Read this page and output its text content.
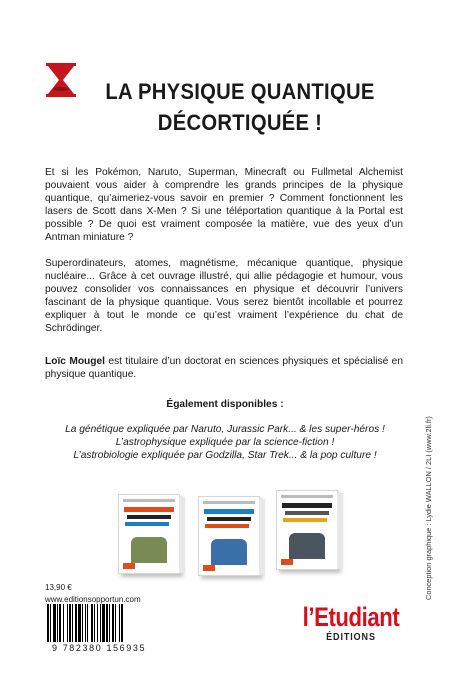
LA PHYSIQUE QUANTIQUE
DÉCORTIQUÉE !

Et si les Pokémon, Naruto, Superman, Minecraft ou Fullmetal Alchemist pouvaient vous aider à comprendre les grands principes de la physique quantique, qu’aimeriez-vous savoir en premier ? Comment fonctionnent les lasers de Scott dans X-Men ? Si une téléportation quantique à la Portal est possible ? De quoi est vraiment composée la matière, vue des yeux d’un Antman miniature ?

Superordinateurs, atomes, magnétisme, mécanique quantique, physique nucléaire... Grâce à cet ouvrage illustré, qui allie pédagogie et humour, vous pouvez consolider vos connaissances en physique et découvrir l’univers fascinant de la physique quantique. Vous serez bientôt incollable et pourrez expliquer à tout le monde ce qu’est vraiment l’expérience du chat de Schrödinger.

Loïc Mougel est titulaire d’un doctorat en sciences physiques et spécialisé en physique quantique.

Également disponibles :
La génétique expliquée par Naruto, Jurassic Park... & les super-héros !
L’astrophysique expliquée par la science-fiction !
L’astrobiologie expliquée par Godzilla, Star Trek... & la pop culture !
13,90 €
www.editionsopportun.com
9 782380 156935
l’Etudiant
ÉDITIONS
Conception graphique : Lydie WALLON / 2LI (www.2li.fr)
